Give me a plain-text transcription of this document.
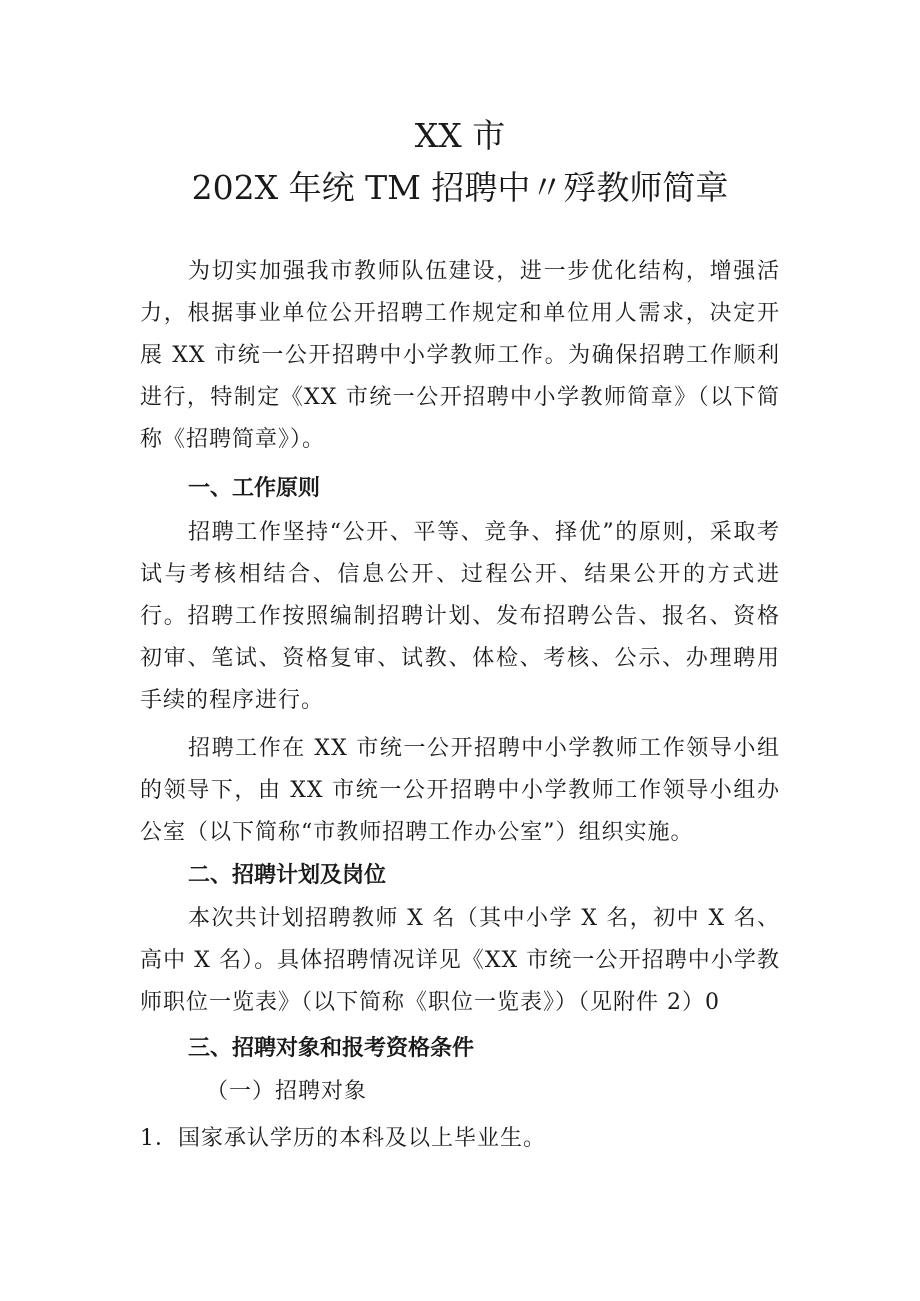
XX 市
202X 年统 TM 招聘中〃殍教师简章
为切实加强我市教师队伍建设，进一步优化结构，增强活力，根据事业单位公开招聘工作规定和单位用人需求，决定开展 XX 市统一公开招聘中小学教师工作。为确保招聘工作顺利进行，特制定《XX 市统一公开招聘中小学教师简章》（以下简称《招聘简章》）。
一、工作原则
招聘工作坚持“公开、平等、竞争、择优”的原则，采取考试与考核相结合、信息公开、过程公开、结果公开的方式进行。招聘工作按照编制招聘计划、发布招聘公告、报名、资格初审、笔试、资格复审、试教、体检、考核、公示、办理聘用手续的程序进行。
招聘工作在 XX 市统一公开招聘中小学教师工作领导小组的领导下，由 XX 市统一公开招聘中小学教师工作领导小组办公室（以下简称“市教师招聘工作办公室”）组织实施。
二、招聘计划及岗位
本次共计划招聘教师 X 名（其中小学 X 名，初中 X 名、高中 X 名）。具体招聘情况详见《XX 市统一公开招聘中小学教师职位一览表》（以下简称《职位一览表》）（见附件 2）0
三、招聘对象和报考资格条件
（一）招聘对象
1．国家承认学历的本科及以上毕业生。
